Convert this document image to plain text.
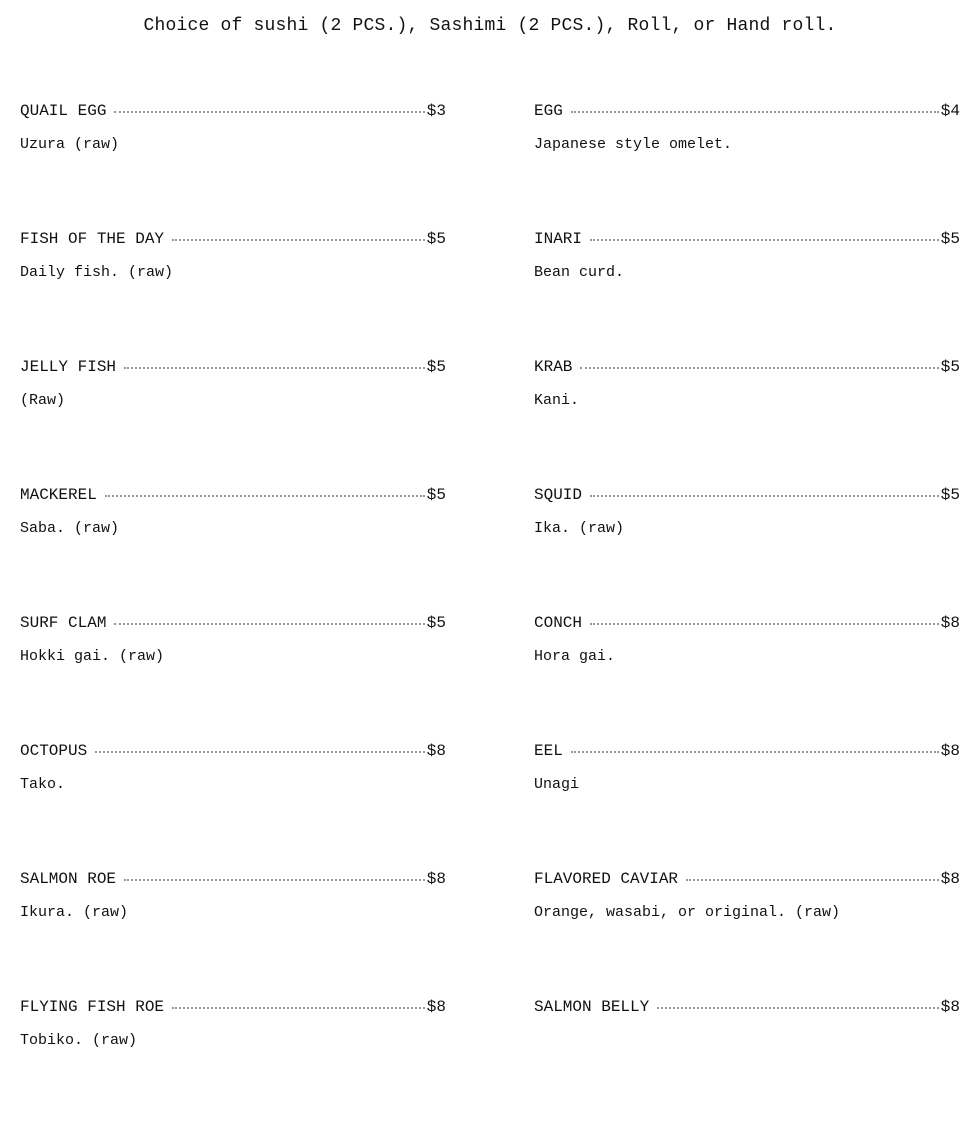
Choice of sushi (2 PCS.), Sashimi (2 PCS.), Roll, or Hand roll.
QUAIL EGG	$3
Uzura (raw)
EGG	$4
Japanese style omelet.
FISH OF THE DAY	$5
Daily fish. (raw)
INARI	$5
Bean curd.
JELLY FISH	$5
(Raw)
KRAB	$5
Kani.
MACKEREL	$5
Saba. (raw)
SQUID	$5
Ika. (raw)
SURF CLAM	$5
Hokki gai. (raw)
CONCH	$8
Hora gai.
OCTOPUS	$8
Tako.
EEL	$8
Unagi
SALMON ROE	$8
Ikura. (raw)
FLAVORED CAVIAR	$8
Orange, wasabi, or original. (raw)
FLYING FISH ROE	$8
Tobiko. (raw)
SALMON BELLY	$8
